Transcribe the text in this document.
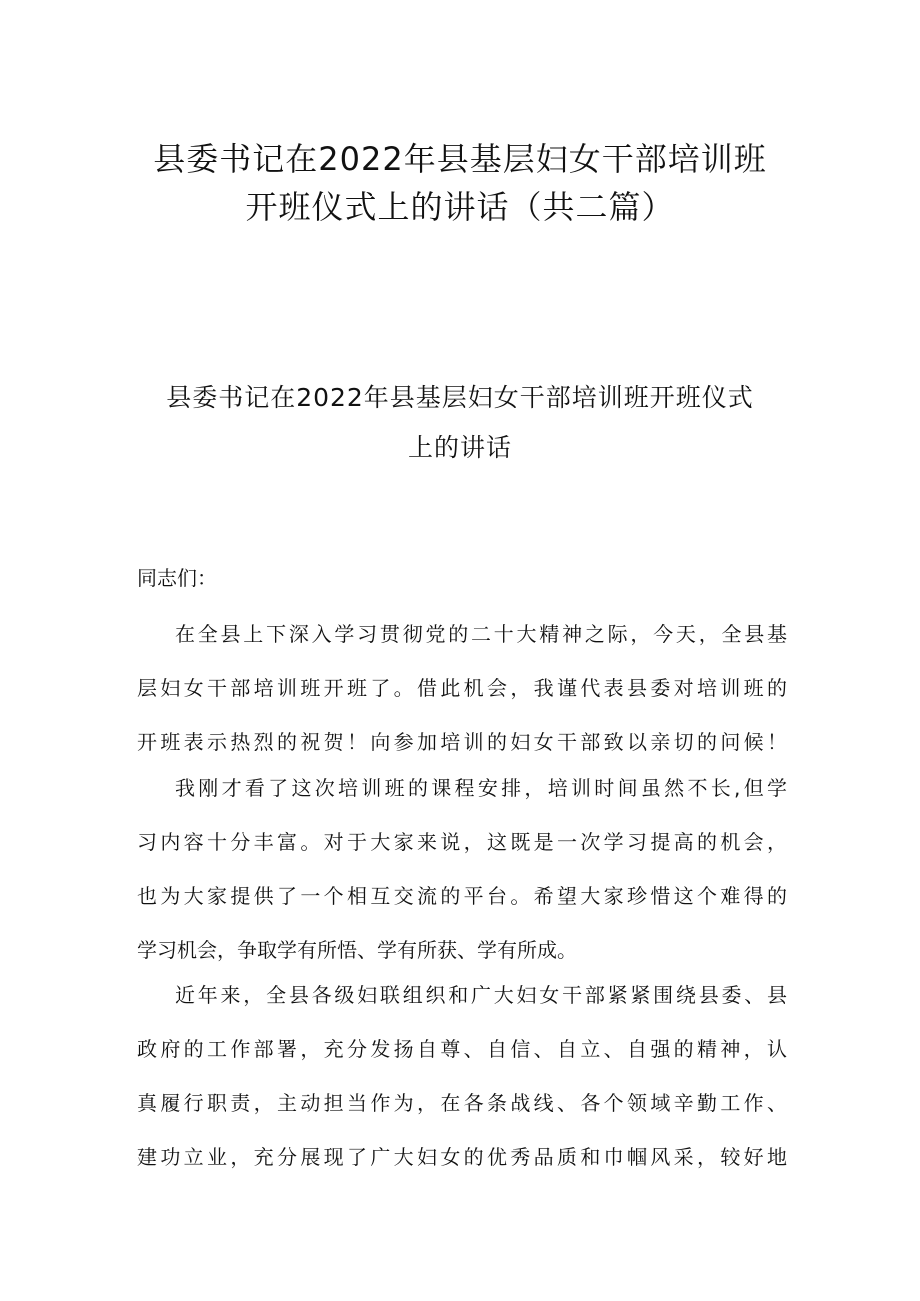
县委书记在2022年县基层妇女干部培训班
开班仪式上的讲话（共二篇）
县委书记在2022年县基层妇女干部培训班开班仪式
上的讲话

同志们：

在全县上下深入学习贯彻党的二十大精神之际，今天，全县基
层妇女干部培训班开班了。借此机会，我谨代表县委对培训班的
开班表示热烈的祝贺！向参加培训的妇女干部致以亲切的问候！
我刚才看了这次培训班的课程安排，培训时间虽然不长,但学
习内容十分丰富。对于大家来说，这既是一次学习提高的机会，
也为大家提供了一个相互交流的平台。希望大家珍惜这个难得的
学习机会，争取学有所悟、学有所获、学有所成。
近年来，全县各级妇联组织和广大妇女干部紧紧围绕县委、县
政府的工作部署，充分发扬自尊、自信、自立、自强的精神，认
真履行职责，主动担当作为，在各条战线、各个领域辛勤工作、
建功立业，充分展现了广大妇女的优秀品质和巾帼风采，较好地
